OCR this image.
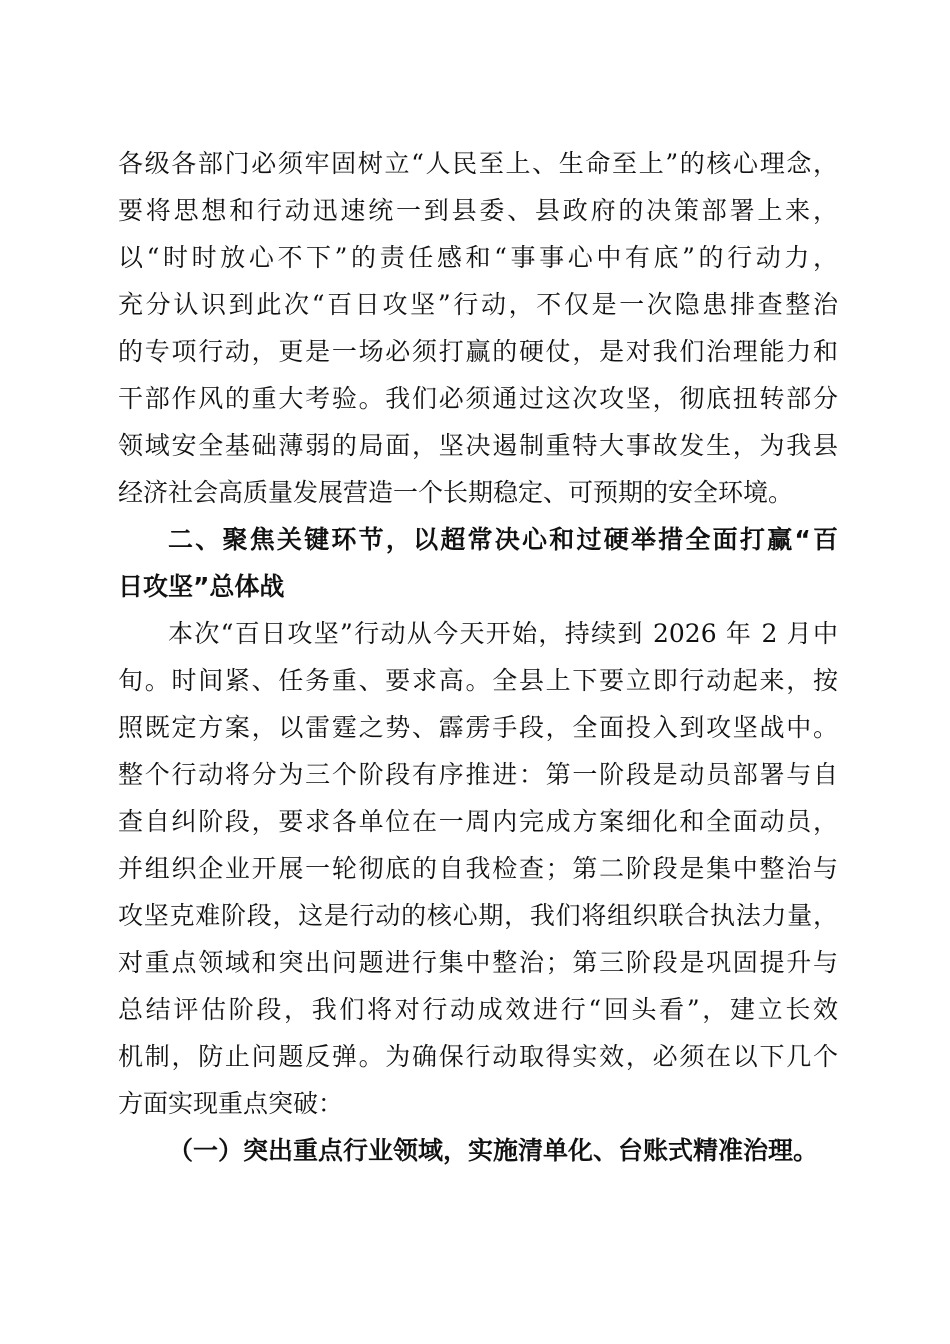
各级各部门必须牢固树立“人民至上、生命至上”的核心理念，
要将思想和行动迅速统一到县委、县政府的决策部署上来，
以“时时放心不下”的责任感和“事事心中有底”的行动力，
充分认识到此次“百日攻坚”行动，不仅是一次隐患排查整治
的专项行动，更是一场必须打赢的硬仗，是对我们治理能力和
干部作风的重大考验。我们必须通过这次攻坚，彻底扭转部分
领域安全基础薄弱的局面，坚决遏制重特大事故发生，为我县
经济社会高质量发展营造一个长期稳定、可预期的安全环境。
二、聚焦关键环节，以超常决心和过硬举措全面打赢“百
日攻坚”总体战
本次“百日攻坚”行动从今天开始，持续到 2026 年 2 月中
旬。时间紧、任务重、要求高。全县上下要立即行动起来，按
照既定方案，以雷霆之势、霹雳手段，全面投入到攻坚战中。
整个行动将分为三个阶段有序推进：第一阶段是动员部署与自
查自纠阶段，要求各单位在一周内完成方案细化和全面动员，
并组织企业开展一轮彻底的自我检查；第二阶段是集中整治与
攻坚克难阶段，这是行动的核心期，我们将组织联合执法力量，
对重点领域和突出问题进行集中整治；第三阶段是巩固提升与
总结评估阶段，我们将对行动成效进行“回头看”，建立长效
机制，防止问题反弹。为确保行动取得实效，必须在以下几个
方面实现重点突破：
（一）突出重点行业领域，实施清单化、台账式精准治理。
